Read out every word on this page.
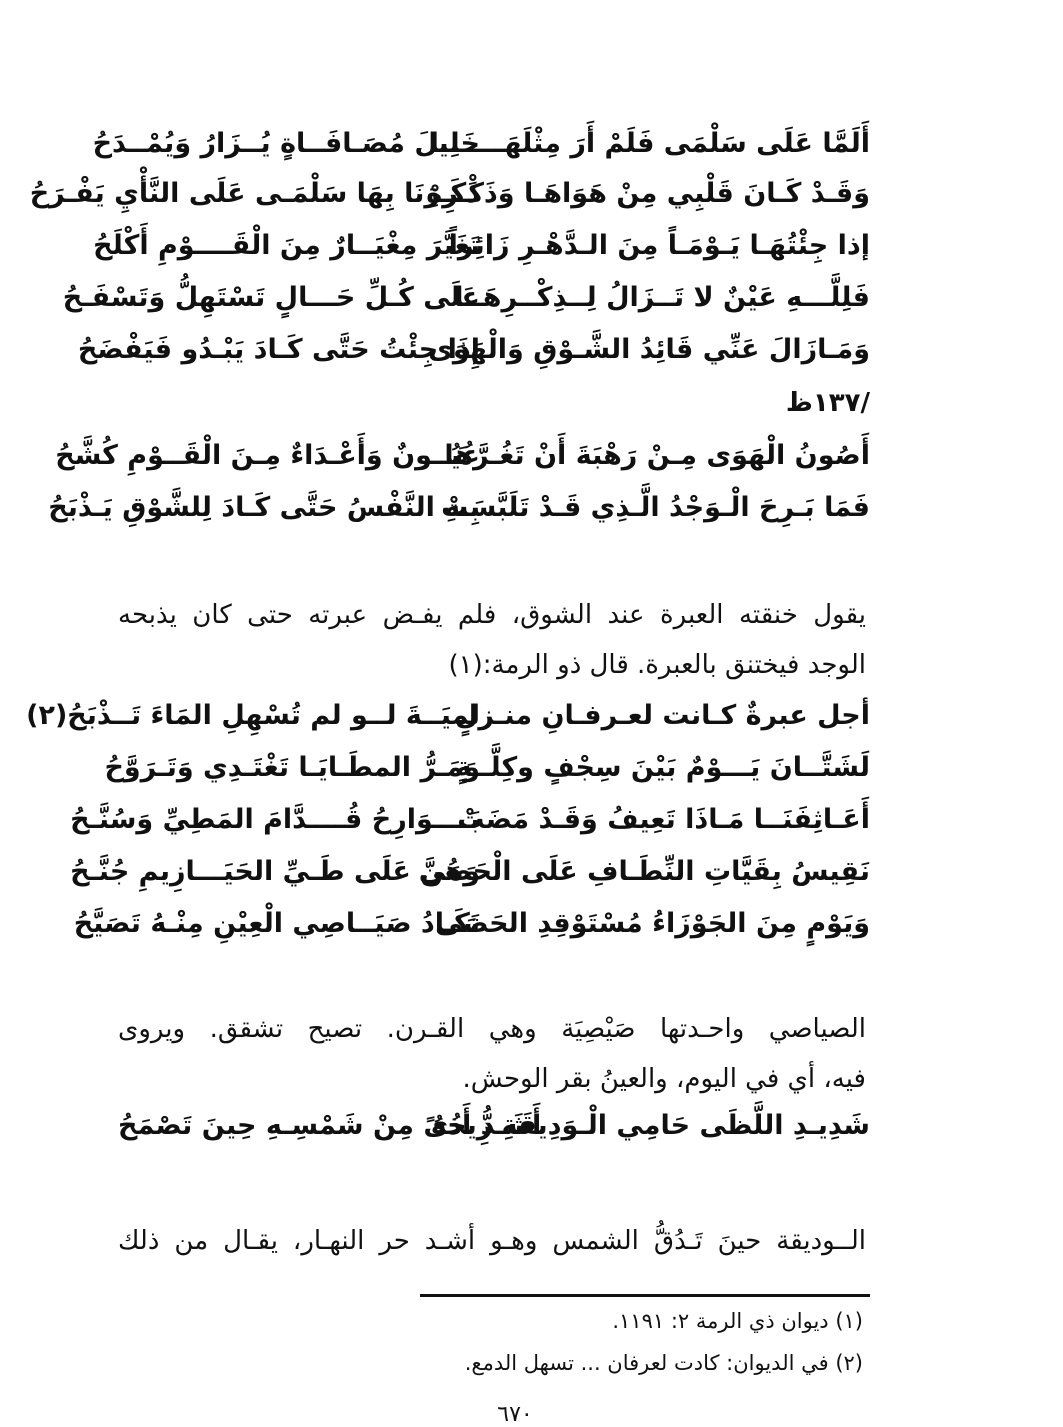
أَلَمَّا عَلَى سَلْمَى فَلَمْ أَرَ مِثْلَهَـــــــا
خَلِيلَ مُصَـافَــاةٍ يُــزَارُ وَيُمْــدَحُ
وَقَـدْ كَـانَ قَلْبِي مِنْ هَوَاهَـا وَذَكْـرِةِ
ذَكَـرْنَا بِهَا سَلْمَـى عَلَى النَّأْيِ يَفْـرَحُ
إذا جِئْتُهَـا يَـوْمَـاً مِنَ الـدَّهْـرِ زَائِراً
تَغَيَّرَ مِغْيَــارٌ مِنَ الْقَــــوْمِ أَكْلَحُ
فَلِلَّـــهِ عَيْنٌ لا تَــزَالُ لِــذِكْــرِهَــا
عَلَى كُـلِّ حَـــالٍ تَسْتَهِلُّ وَتَسْفَـحُ
وَمَـازَالَ عَنِّي قَائِدُ الشَّـوْقِ وَالْهَوَى
إِذَا جِئْتُ حَتَّى كَـادَ يَبْـدُو فَيَفْضَحُ
/١٣٧ظ
أَصُونُ الْهَوَى مِـنْ رَهْبَةَ أَنْ تَغُـرَّهَا
عُيُــونٌ وَأَعْـدَاءٌ مِـنَ الْقَــوْمِ كُشَّحُ
فَمَا بَـرِحَ الْـوَجْدُ الَّـذِي قَـدْ تَلَبَّسَتْ
بِـهِ النَّفْسُ حَتَّى كَـادَ لِلشَّوْقِ يَـذْبَحُ
يقول خنقته العبرة عند الشوق، فلم يفـض عبرته حتى كان يذبحه
الوجد فيختنق بالعبرة. قال ذو الرمة:(١)
أجل عبرةٌ كـانت لعـرفـانِ منـزلٍ
لميَــةَ لــو لم تُسْهِلِ المَاءَ تَــذْبَحُ(٢)
لَشَتَّــانَ يَـــوْمٌ بَيْنَ سِجْفٍ وكِلَّــةٍ
وَمَـرُّ المطَـايَـا تَغْتَـدِي وَتَـرَوَّحُ
أَعَـاثِفَنَــا مَـاذَا تَعِيفُ وَقَـدْ مَضَتْ
بَــــوَارِحُ قُــــدَّامَ المَطِيِّ وَسُنَّـحُ
نَقِيسُ بِقَيَّاتِ النِّطَـافِ عَلَى الْحَصَى
وَهُنَّ عَلَى طَـيِّ الحَيَـــازِيمِ جُنَّـحُ
وَيَوْمٍ مِنَ الجَوْزَاءُ مُسْتَوْقِدِ الحَصَى
تَكَـادُ صَيَــاصِي الْعِيْنِ مِنْـهُ تَصَيَّحُ
الصياصي واحـدتها صَيْصِيَة وهي القـرن. تصيح تشقق. ويروى
فيه، أي في اليوم، والعينُ بقر الوحش.
شَدِيـدِ اللَّظَى حَامِي الْـوَدِيقَةِ رِيحُهُ
أَشَـدُّ أَذىً مِنْ شَمْسِـهِ حِينَ تَصْمَحُ
الــوديقة حينَ تَـدُقُّ الشمس وهـو أشـد حر النهـار، يقـال من ذلك
(١) ديوان ذي الرمة ٢: ١١٩١.
(٢) في الديوان: كادت لعرفان ... تسهل الدمع.
٦٧٠
